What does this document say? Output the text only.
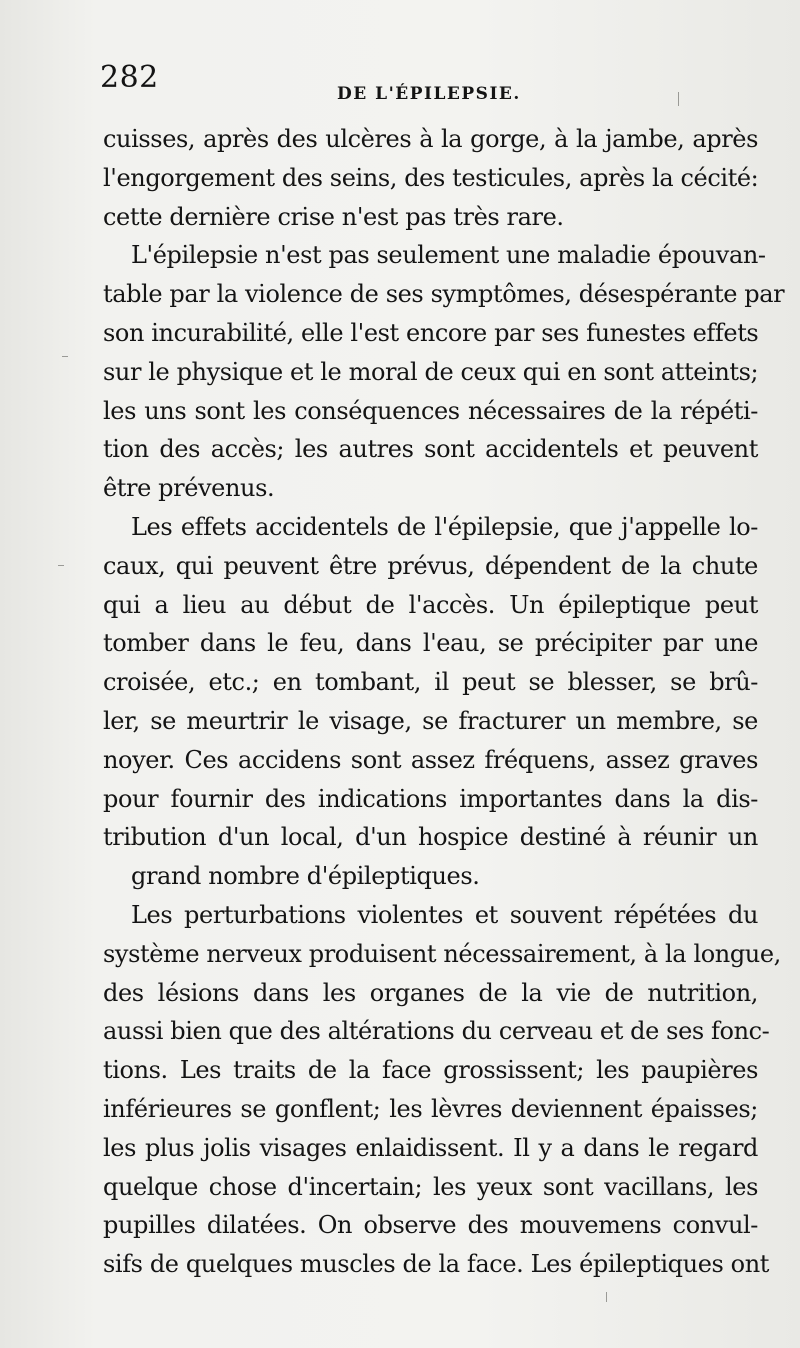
282	DE L'ÉPILEPSIE.
cuisses, après des ulcères à la gorge, à la jambe, après
l'engorgement des seins, des testicules, après la cécité:
cette dernière crise n'est pas très rare.
L'épilepsie n'est pas seulement une maladie épouvan-
table par la violence de ses symptômes, désespérante par
son incurabilité, elle l'est encore par ses funestes effets
sur le physique et le moral de ceux qui en sont atteints;
les uns sont les conséquences nécessaires de la répéti-
tion des accès; les autres sont accidentels et peuvent
être prévenus.
Les effets accidentels de l'épilepsie, que j'appelle lo-
caux, qui peuvent être prévus, dépendent de la chute
qui a lieu au début de l'accès. Un épileptique peut
tomber dans le feu, dans l'eau, se précipiter par une
croisée, etc.; en tombant, il peut se blesser, se brû-
ler, se meurtrir le visage, se fracturer un membre, se
noyer. Ces accidens sont assez fréquens, assez graves
pour fournir des indications importantes dans la dis-
tribution d'un local, d'un hospice destiné à réunir un
grand nombre d'épileptiques.
Les perturbations violentes et souvent répétées du
système nerveux produisent nécessairement, à la longue,
des lésions dans les organes de la vie de nutrition,
aussi bien que des altérations du cerveau et de ses fonc-
tions. Les traits de la face grossissent; les paupières
inférieures se gonflent; les lèvres deviennent épaisses;
les plus jolis visages enlaidissent. Il y a dans le regard
quelque chose d'incertain; les yeux sont vacillans, les
pupilles dilatées. On observe des mouvemens convul-
sifs de quelques muscles de la face. Les épileptiques ont
